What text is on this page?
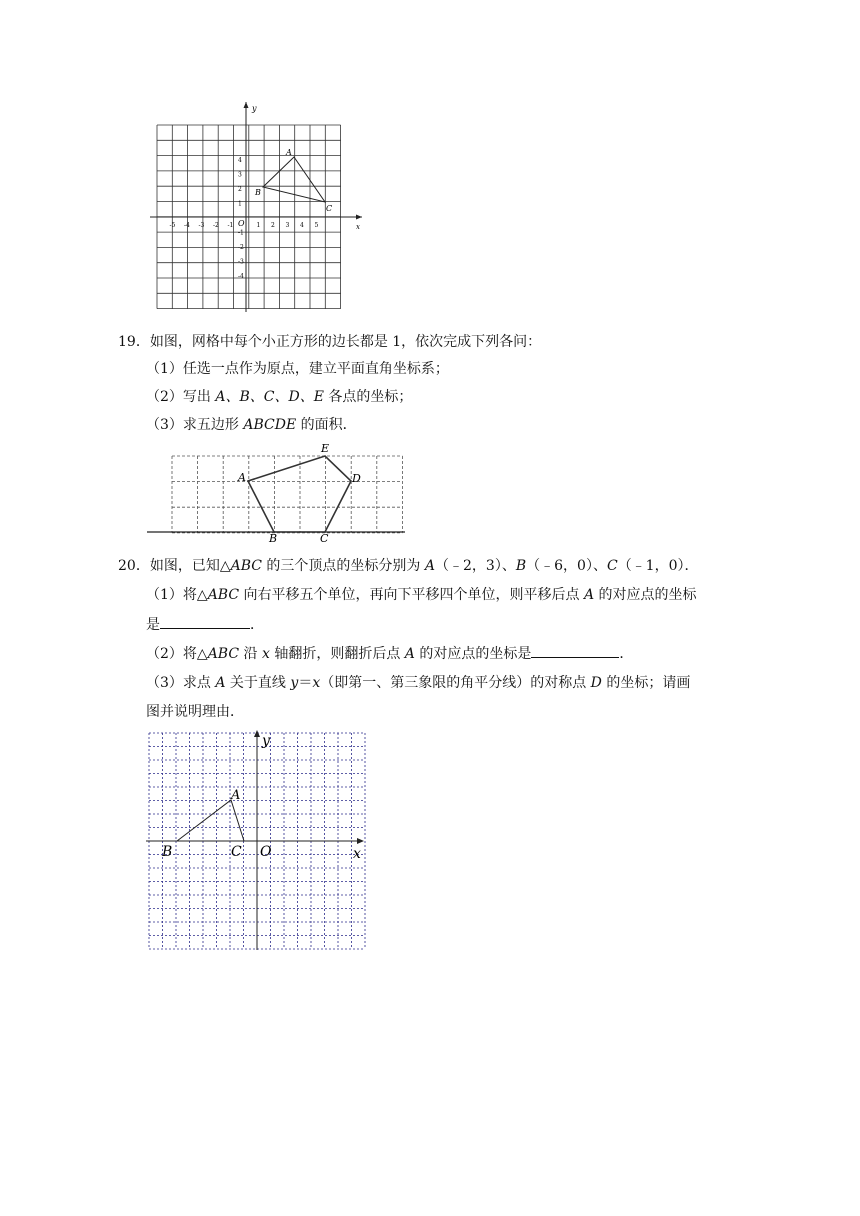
y
x
O
-5 -4 -3 -2 -1	1 2 3 4 5
4
3
2
1
-1
-2
-3
-4
A
B
C
19．如图，网格中每个小正方形的边长都是 1，依次完成下列各问：
（1）任选一点作为原点，建立平面直角坐标系；
（2）写出 A、B、C、D、E 各点的坐标；
（3）求五边形 ABCDE 的面积．
A
B	C
D
E
20．如图，已知△ABC 的三个顶点的坐标分别为 A（﹣2，3）、B（﹣6，0）、C（﹣1，0）．
（1）将△ABC 向右平移五个单位，再向下平移四个单位，则平移后点 A 的对应点的坐标
是	．
（2）将△ABC 沿 x 轴翻折，则翻折后点 A 的对应点的坐标是	．
（3）求点 A 关于直线 y＝x（即第一、第三象限的角平分线）的对称点 D 的坐标；请画
图并说明理由．
y
x
A
B	C O
